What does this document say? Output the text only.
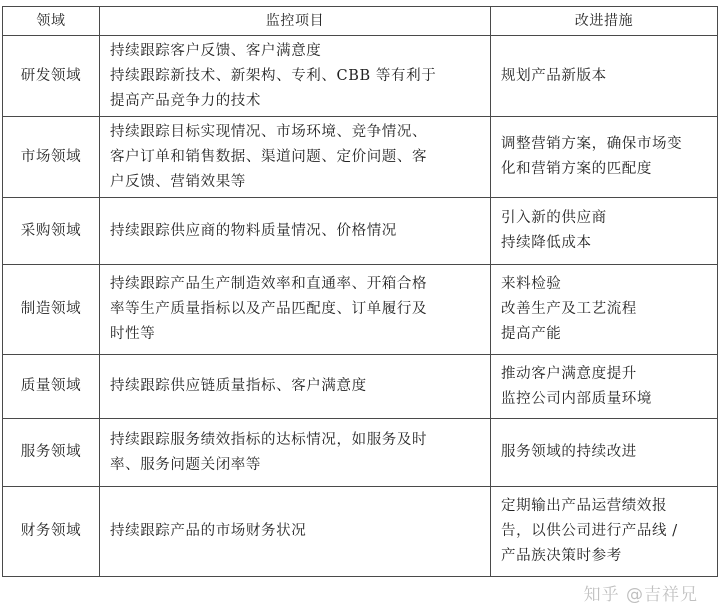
领域	监控项目	改进措施
研发领域	持续跟踪客户反馈、客户满意度
持续跟踪新技术、新架构、专利、CBB 等有利于
提高产品竞争力的技术	规划产品新版本

市场领域	持续跟踪目标实现情况、市场环境、竞争情况、
客户订单和销售数据、渠道问题、定价问题、客
户反馈、营销效果等	调整营销方案，确保市场变
化和营销方案的匹配度

采购领域	持续跟踪供应商的物料质量情况、价格情况	引入新的供应商
持续降低成本

制造领域	持续跟踪产品生产制造效率和直通率、开箱合格
率等生产质量指标以及产品匹配度、订单履行及
时性等	来料检验
改善生产及工艺流程
提高产能

质量领域	持续跟踪供应链质量指标、客户满意度	推动客户满意度提升
监控公司内部质量环境

服务领域	持续跟踪服务绩效指标的达标情况，如服务及时
率、服务问题关闭率等	服务领域的持续改进

财务领域	持续跟踪产品的市场财务状况	定期输出产品运营绩效报
告，以供公司进行产品线 /
产品族决策时参考
知乎 @吉祥兄
